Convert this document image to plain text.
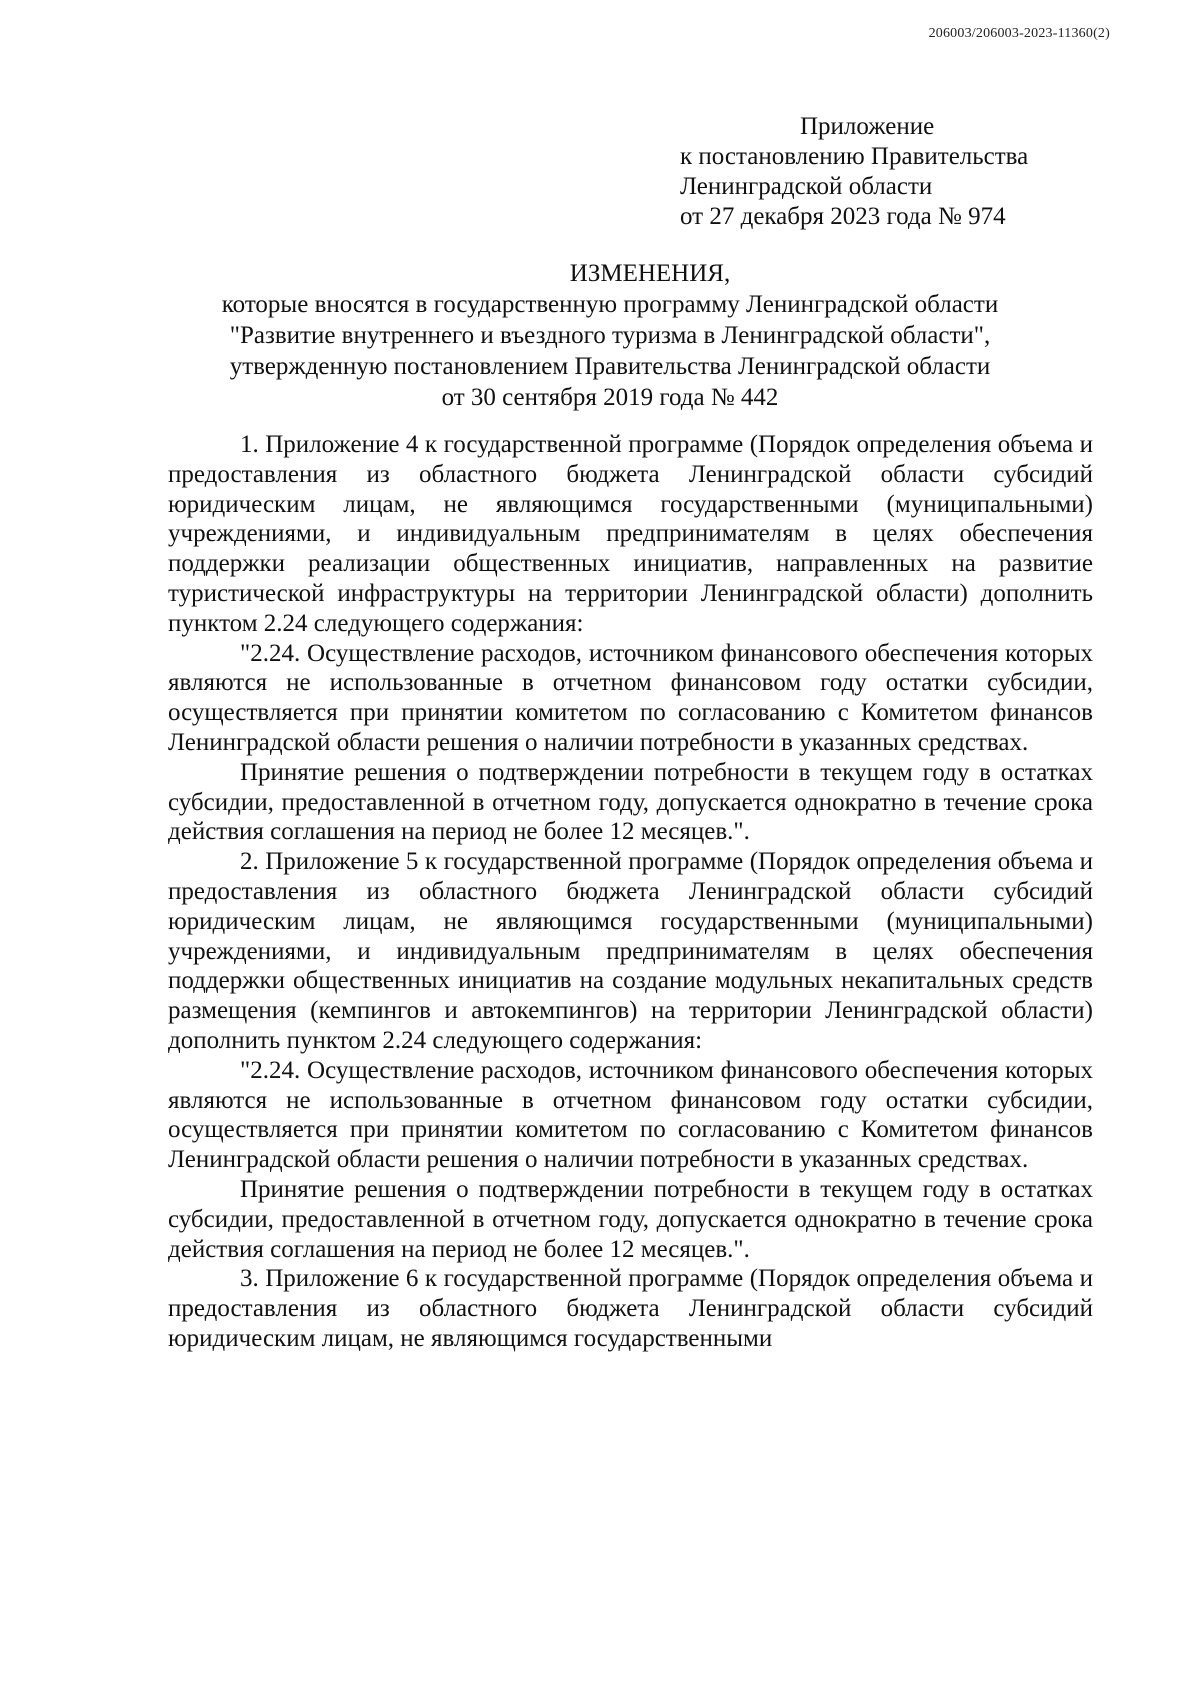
206003/206003-2023-11360(2)
Приложение
к постановлению Правительства
Ленинградской области
от 27 декабря 2023 года № 974
ИЗМЕНЕНИЯ,
которые вносятся в государственную программу Ленинградской области
"Развитие внутреннего и въездного туризма в Ленинградской области",
утвержденную постановлением Правительства Ленинградской области
от 30 сентября 2019 года № 442

1. Приложение 4 к государственной программе (Порядок определения объема и предоставления из областного бюджета Ленинградской области субсидий юридическим лицам, не являющимся государственными (муниципальными) учреждениями, и индивидуальным предпринимателям в целях обеспечения поддержки реализации общественных инициатив, направленных на развитие туристической инфраструктуры на территории Ленинградской области) дополнить пунктом 2.24 следующего содержания:

"2.24. Осуществление расходов, источником финансового обеспечения которых являются не использованные в отчетном финансовом году остатки субсидии, осуществляется при принятии комитетом по согласованию с Комитетом финансов Ленинградской области решения о наличии потребности в указанных средствах.

Принятие решения о подтверждении потребности в текущем году в остатках субсидии, предоставленной в отчетном году, допускается однократно в течение срока действия соглашения на период не более 12 месяцев.".

2. Приложение 5 к государственной программе (Порядок определения объема и предоставления из областного бюджета Ленинградской области субсидий юридическим лицам, не являющимся государственными (муниципальными) учреждениями, и индивидуальным предпринимателям в целях обеспечения поддержки общественных инициатив на создание модульных некапитальных средств размещения (кемпингов и автокемпингов) на территории Ленинградской области) дополнить пунктом 2.24 следующего содержания:

"2.24. Осуществление расходов, источником финансового обеспечения которых являются не использованные в отчетном финансовом году остатки субсидии, осуществляется при принятии комитетом по согласованию с Комитетом финансов Ленинградской области решения о наличии потребности в указанных средствах.

Принятие решения о подтверждении потребности в текущем году в остатках субсидии, предоставленной в отчетном году, допускается однократно в течение срока действия соглашения на период не более 12 месяцев.".

3. Приложение 6 к государственной программе (Порядок определения объема и предоставления из областного бюджета Ленинградской области субсидий юридическим лицам, не являющимся государственными
